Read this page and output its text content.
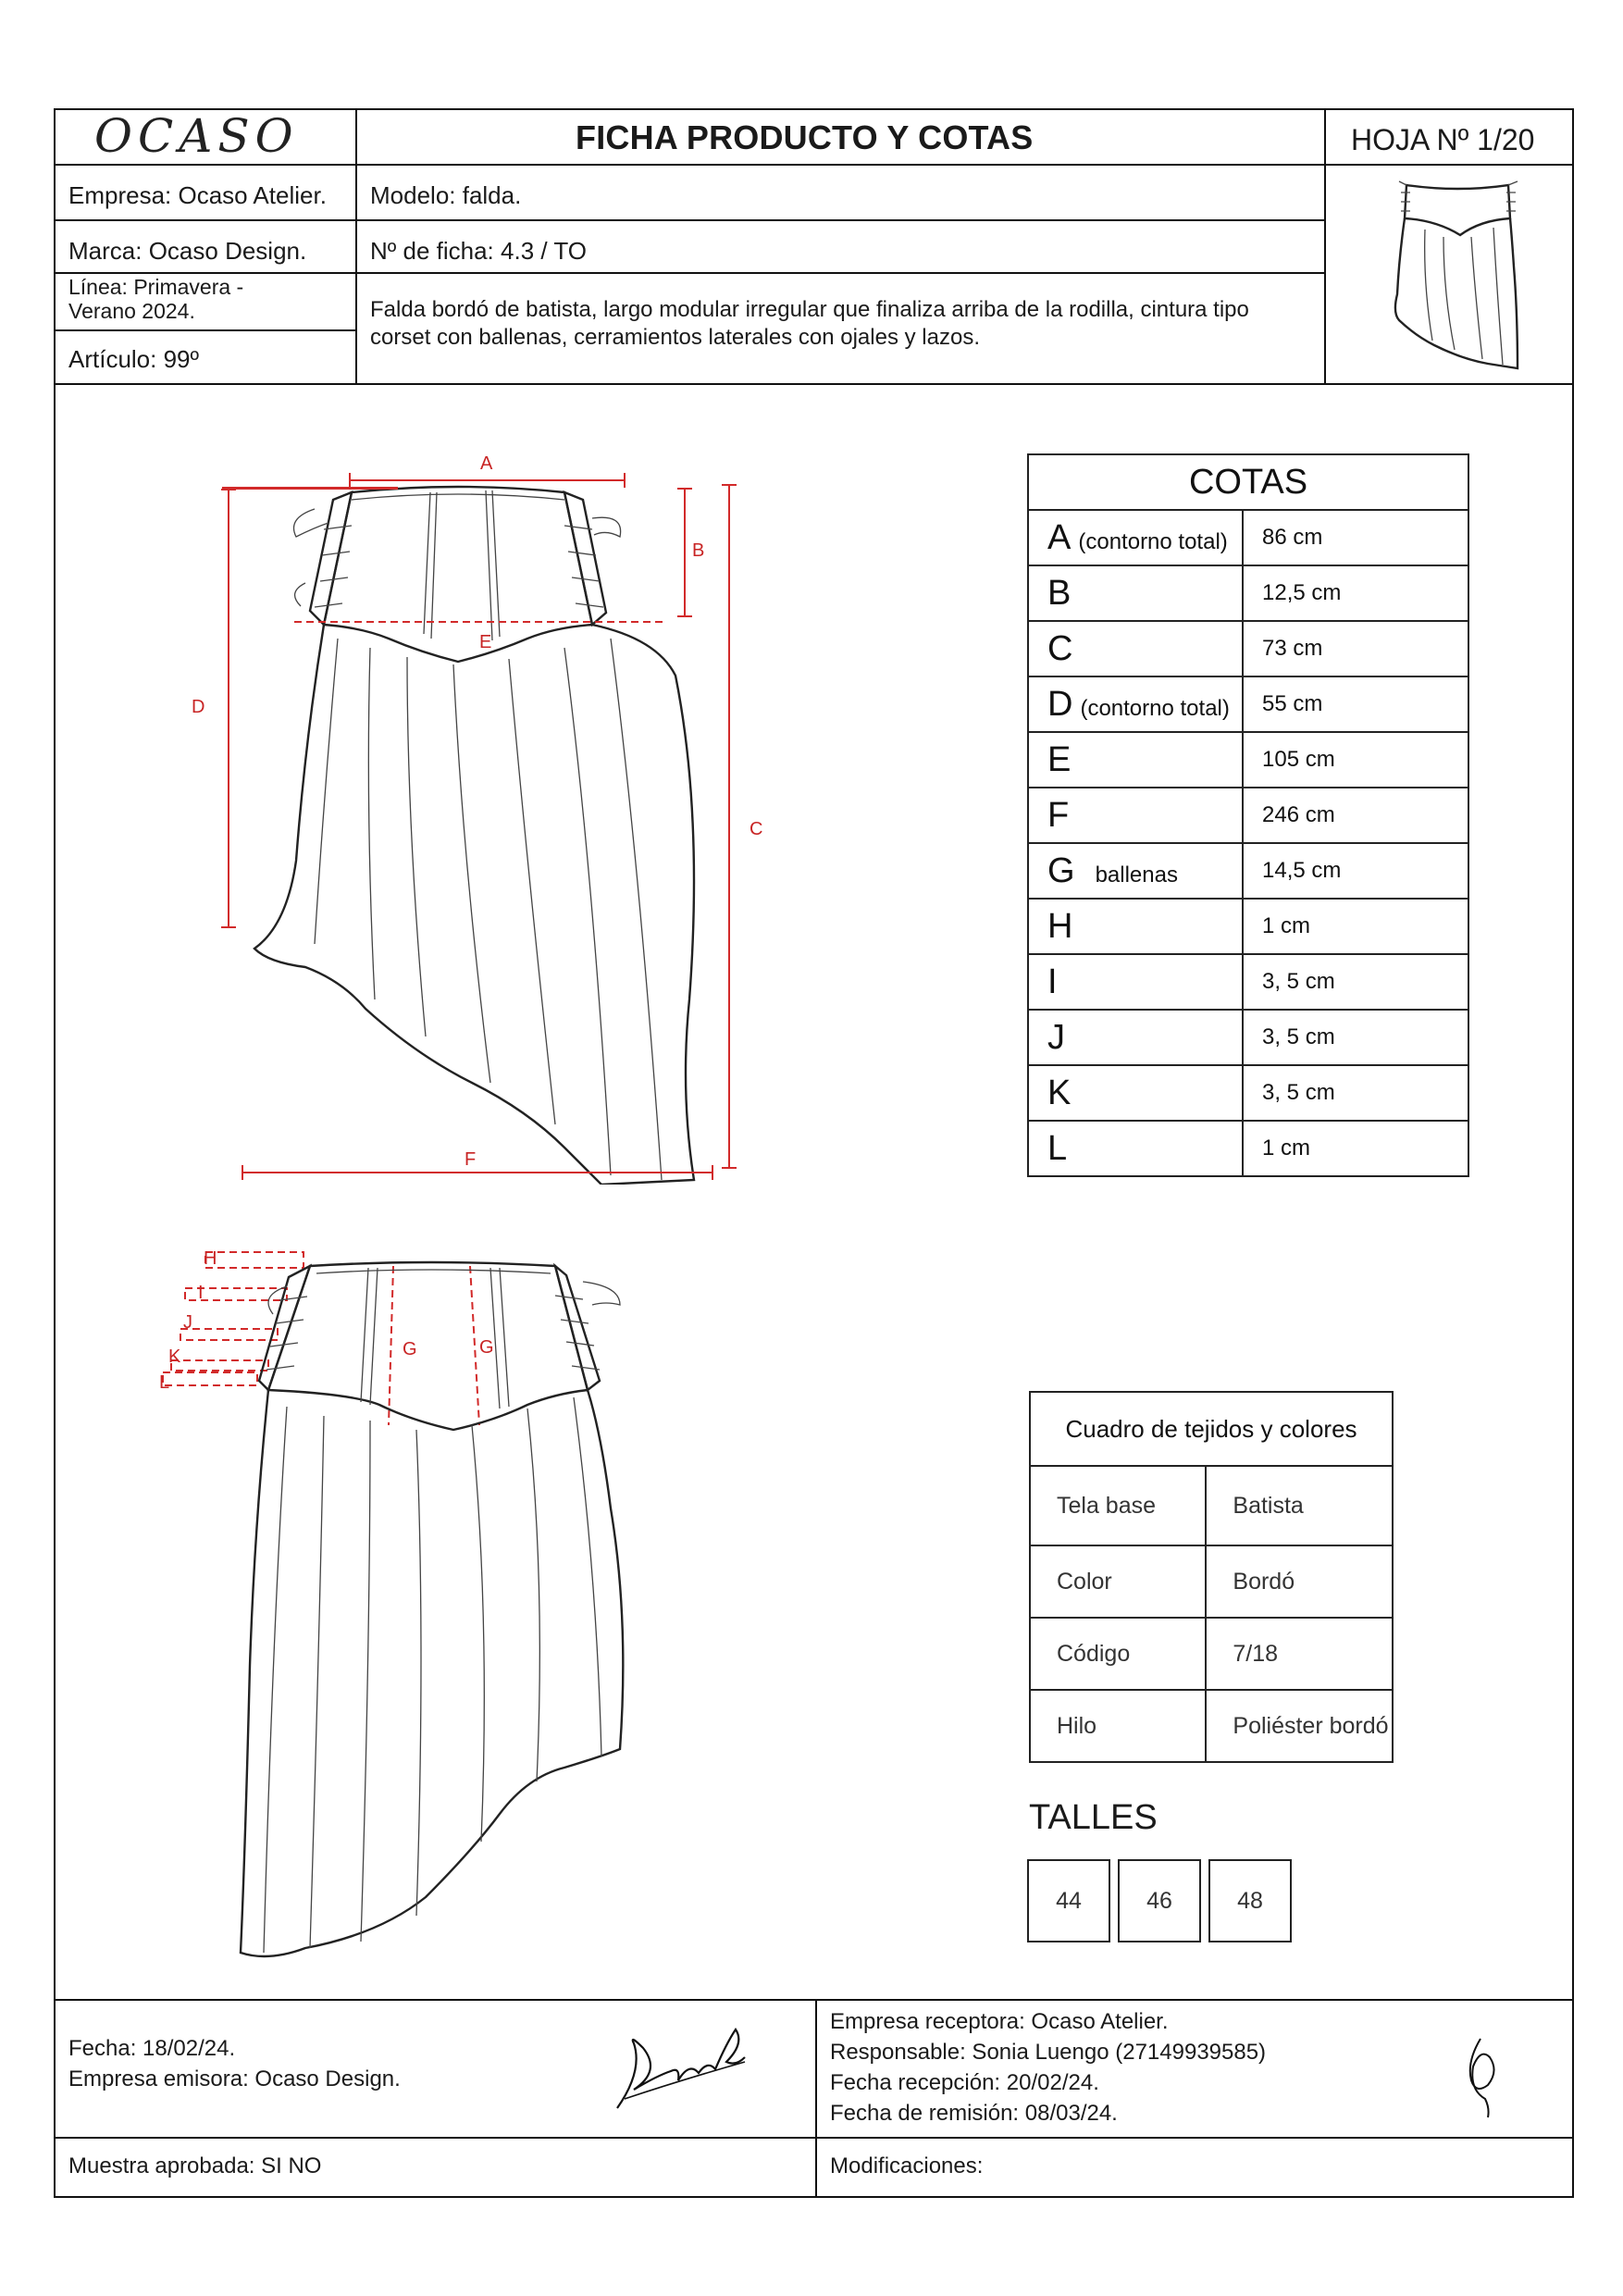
OCASO	FICHA PRODUCTO Y COTAS	HOJA Nº 1/20
Empresa: Ocaso Atelier.
Marca: Ocaso Design.
Línea: Primavera -
Verano 2024.
Artículo: 99º
Modelo: falda.
Nº de ficha: 4.3 / TO
Falda bordó de batista, largo modular irregular que finaliza arriba de la rodilla, cintura tipo
corset con ballenas, cerramientos laterales con ojales y lazos.
A
B
D
C
E
F
H
I
J
K
L
G	G
COTAS	
A (contorno total)	86 cm
B	12,5 cm
C	73 cm
D (contorno total)	55 cm
E	105 cm
F	246 cm
G ballenas	14,5 cm
H	1 cm
I	3, 5 cm
J	3, 5 cm
K	3, 5 cm
L	1 cm
Cuadro de tejidos y colores	
Tela base	Batista
Color	Bordó
Código	7/18
Hilo	Poliéster bordó
TALLES
44	46	48
Fecha: 18/02/24.
Empresa emisora: Ocaso Design.
Empresa receptora: Ocaso Atelier.
Responsable: Sonia Luengo (27149939585)
Fecha recepción: 20/02/24.
Fecha de remisión: 08/03/24.
Muestra aprobada: SI NO	Modificaciones:
